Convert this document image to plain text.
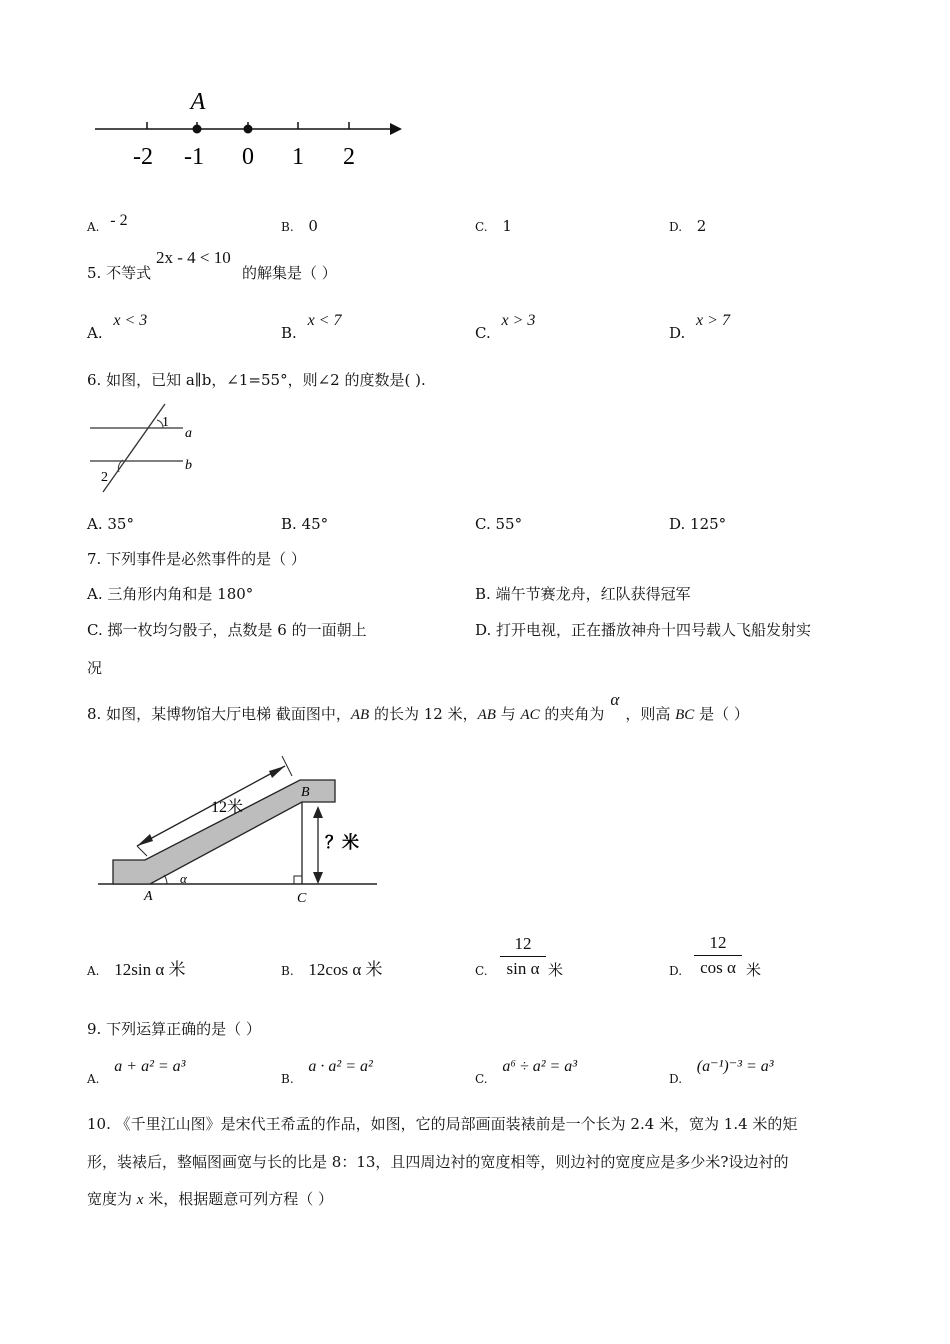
A
-2 -1 0 1 2
A. - 2	B. 0	C. 1	D. 2
5. 不等式
2x - 4 < 10
的解集是（ ）
A. x < 3
B. x < 7
C. x > 3
D. x > 7
6. 如图，已知 a∥b，∠1=55°，则∠2 的度数是( ).
1
2
a
b
A. 35°	B. 45°	C. 55°	D. 125°
7. 下列事件是必然事件的是（ ）
A. 三角形内角和是 180°	B. 端午节赛龙舟，红队获得冠军
C. 掷一枚均匀骰子，点数是 6 的一面朝上	D. 打开电视，正在播放神舟十四号载人飞船发射实
况
8. 如图，某博物馆大厅电梯 截面图中，AB 的长为 12 米，AB 与 AC 的夹角为α，则高 BC 是（ ）
12米
？米
A
B
C
α
A. 12sin α 米	B. 12cos α 米	C.
12
sin α 米	D.
12
cos α 米
9. 下列运算正确的是（ ）
$_{A.}$ a + a² = a³
$_{B.}$ a · a² = a²
$_{C.}$ a⁶ ÷ a² = a³
$_{D.}$ (a⁻¹)⁻³ = a³
10. 《千里江山图》是宋代王希孟的作品，如图，它的局部画面装裱前是一个长为 2.4 米，宽为 1.4 米的矩
形，装裱后，整幅图画宽与长的比是 8：13，且四周边衬的宽度相等，则边衬的宽度应是多少米?设边衬的
宽度为 x 米，根据题意可列方程（ ）
